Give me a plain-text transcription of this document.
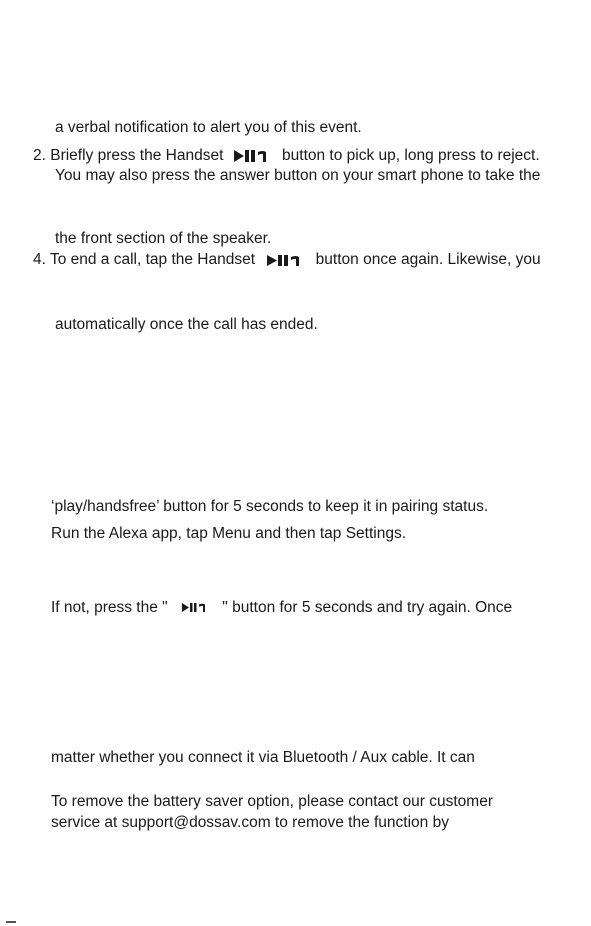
a verbal notification to alert you of this event.
2. Briefly press the Handset	button to pick up, long press to reject.
You may also press the answer button on your smart phone to take the
the front section of the speaker.
4. To end a call, tap the Handset	button once again. Likewise, you
automatically once the call has ended.
‘play/handsfree’ button for 5 seconds to keep it in pairing status.
Run the Alexa app, tap Menu and then tap Settings.
If not, press the "	" button for 5 seconds and try again. Once
matter whether you connect it via Bluetooth / Aux cable. It can
To remove the battery saver option, please contact our customer
service at support@dossav.com to remove the function by
